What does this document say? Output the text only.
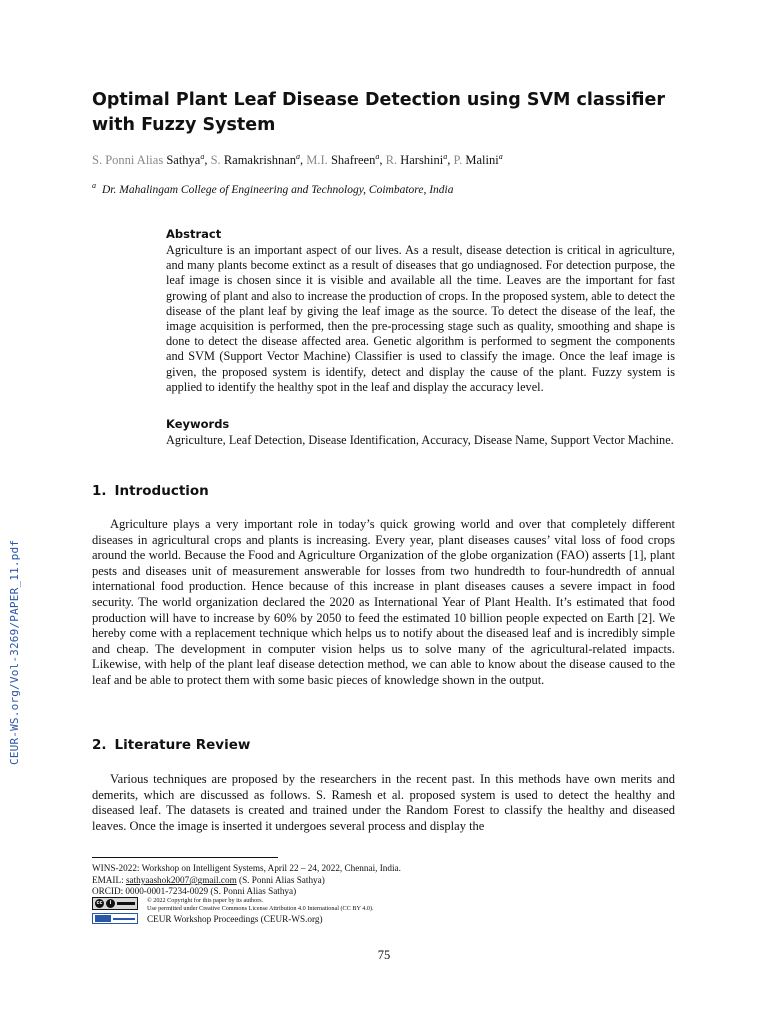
CEUR-WS.org/Vol-3269/PAPER_11.pdf
Optimal Plant Leaf Disease Detection using SVM classifier with Fuzzy System
S. Ponni Alias Sathya$^a$, S. Ramakrishnan$^a$, M.I. Shafreen$^a$, R. Harshini$^a$, P. Malini$^a$
$^a$ Dr. Mahalingam College of Engineering and Technology, Coimbatore, India
Abstract

Agriculture is an important aspect of our lives. As a result, disease detection is critical in agriculture, and many plants become extinct as a result of diseases that go undiagnosed. For detection purpose, the leaf image is chosen since it is visible and available all the time. Leaves are the important for fast growing of plant and also to increase the production of crops. In the proposed system, able to detect the disease of the plant leaf by giving the leaf image as the source. To detect the disease of the leaf, the image acquisition is performed, then the pre-processing stage such as quality, smoothing and shape is done to detect the disease affected area. Genetic algorithm is performed to segment the components and SVM (Support Vector Machine) Classifier is used to classify the image. Once the leaf image is given, the proposed system is identify, detect and display the cause of the plant. Fuzzy system is applied to identify the healthy spot in the leaf and display the accuracy level.

Keywords

Agriculture, Leaf Detection, Disease Identification, Accuracy, Disease Name, Support Vector Machine.

1. Introduction

Agriculture plays a very important role in today’s quick growing world and over that completely different diseases in agricultural crops and plants is increasing. Every year, plant diseases causes’ vital loss of food crops around the world. Because the Food and Agriculture Organization of the globe organization (FAO) asserts [1], plant pests and diseases unit of measurement answerable for losses from two hundredth to four-hundredth of annual international food production. Hence because of this increase in plant diseases causes a severe impact in food security. The world organization declared the 2020 as International Year of Plant Health. It’s estimated that food production will have to increase by 60% by 2050 to feed the estimated 10 billion people expected on Earth [2]. We hereby come with a replacement technique which helps us to notify about the diseased leaf and is incredibly simple and cheap. The development in computer vision helps us to solve many of the agricultural-related impacts. Likewise, with help of the plant leaf disease detection method, we can able to know about the disease caused to the leaf and be able to protect them with some basic pieces of knowledge shown in the output.

2. Literature Review

Various techniques are proposed by the researchers in the recent past. In this methods have own merits and demerits, which are discussed as follows. S. Ramesh et al. proposed system is used to detect the healthy and diseased leaf. The datasets is created and trained under the Random Forest to classify the healthy and diseased leaves. Once the image is inserted it undergoes several process and display the

WINS-2022: Workshop on Intelligent Systems, April 22 – 24, 2022, Chennai, India.
EMAIL: sathyaashok2007@gmail.com (S. Ponni Alias Sathya)
ORCID: 0000-0001-7234-0029 (S. Ponni Alias Sathya)
cc	i	© 2022 Copyright for this paper by its authors.
Use permitted under Creative Commons License Attribution 4.0 International (CC BY 4.0).
CEUR Workshop Proceedings (CEUR-WS.org)
75
